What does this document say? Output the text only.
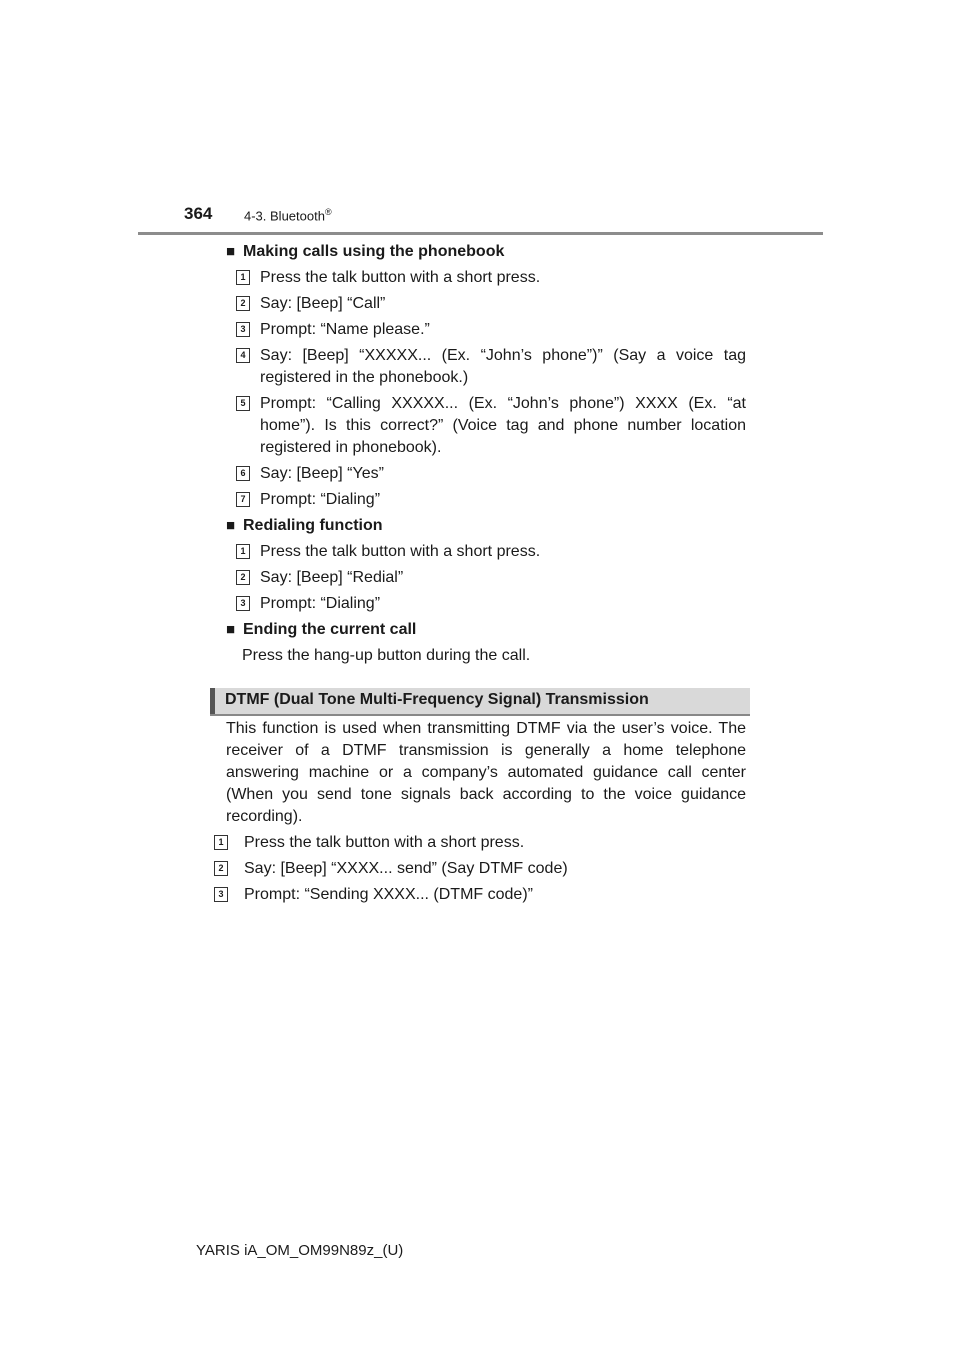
364 4-3. Bluetooth®
■ Making calls using the phonebook
1 Press the talk button with a short press.
2 Say: [Beep] “Call”
3 Prompt: “Name please.”
4 Say: [Beep] “XXXXX... (Ex. “John’s phone”)” (Say a voice tag registered in the phonebook.)
5 Prompt: “Calling XXXXX... (Ex. “John’s phone”) XXXX (Ex. “at home”). Is this correct?” (Voice tag and phone number location registered in phonebook).
6 Say: [Beep] “Yes”
7 Prompt: “Dialing”
■ Redialing function
1 Press the talk button with a short press.
2 Say: [Beep] “Redial”
3 Prompt: “Dialing”
■ Ending the current call
Press the hang-up button during the call.
DTMF (Dual Tone Multi-Frequency Signal) Transmission
This function is used when transmitting DTMF via the user’s voice. The receiver of a DTMF transmission is generally a home telephone answering machine or a company’s automated guidance call center (When you send tone signals back according to the voice guidance recording).
1 Press the talk button with a short press.
2 Say: [Beep] “XXXX... send” (Say DTMF code)
3 Prompt: “Sending XXXX... (DTMF code)”
YARIS iA_OM_OM99N89z_(U)
